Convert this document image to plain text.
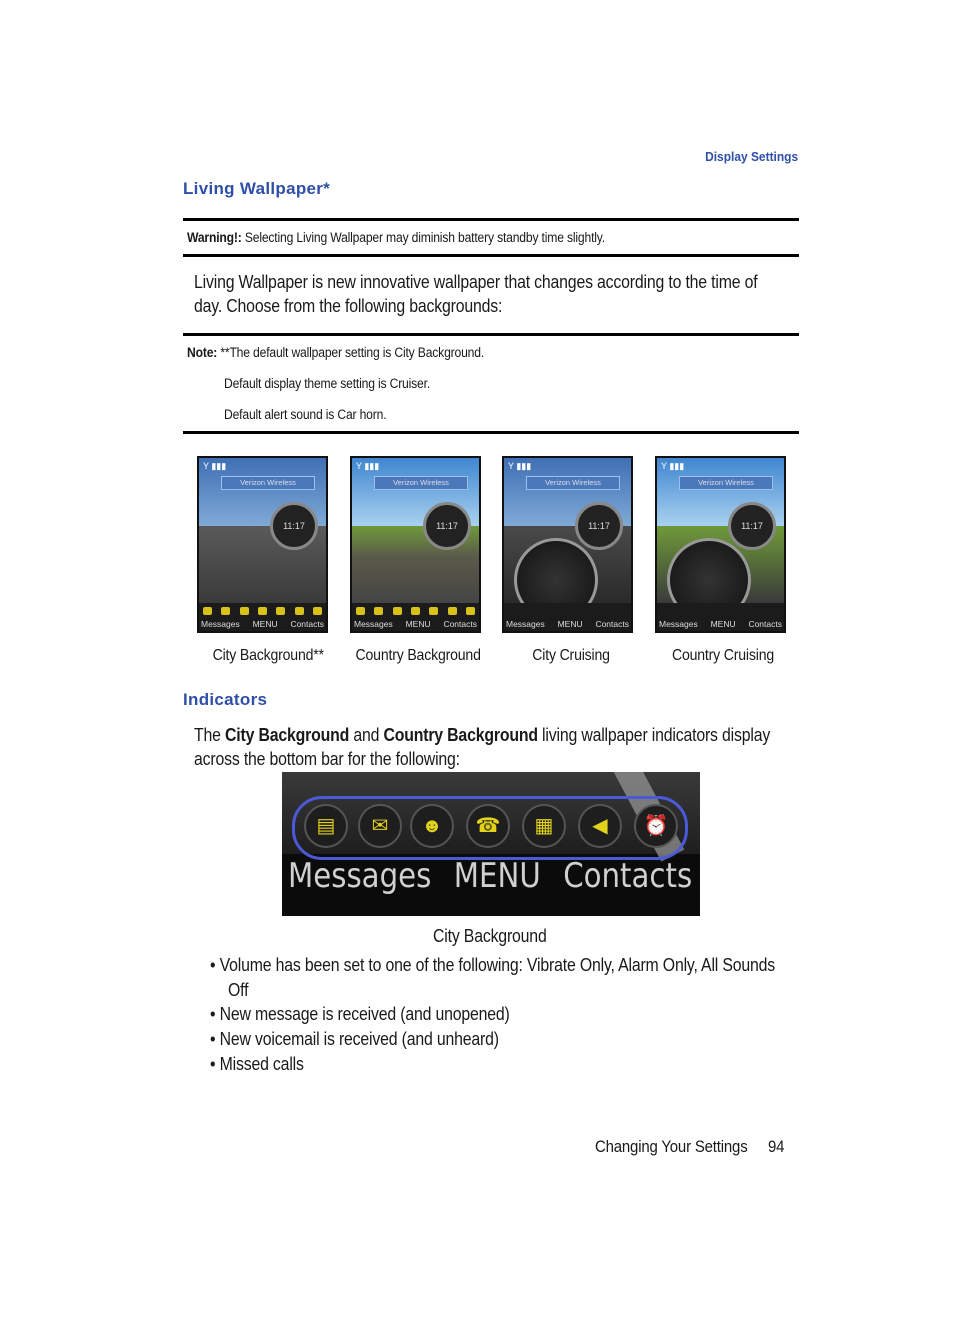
Display Settings
Living Wallpaper*
Warning!: Selecting Living Wallpaper may diminish battery standby time slightly.
Living Wallpaper is new innovative wallpaper that changes according to the time of
day. Choose from the following backgrounds:
Note: **The default wallpaper setting is City Background.
Default display theme setting is Cruiser.
Default alert sound is Car horn.
Y ▮▮▮
Verizon Wireless
11:17
Messages MENU Contacts
Y ▮▮▮
Verizon Wireless
11:17
Messages MENU Contacts
Y ▮▮▮
Verizon Wireless
11:17
Messages MENU Contacts
Y ▮▮▮
Verizon Wireless
11:17
Messages MENU Contacts
City Background** Country Background	City Cruising	Country Cruising
Indicators
The City Background and Country Background living wallpaper indicators display
across the bottom bar for the following:
▤	✉	☻	☎	▦	◀	⏰
Messages MENU Contacts
City Background
• Volume has been set to one of the following: Vibrate Only, Alarm Only, All Sounds
Off
• New message is received (and unopened)
• New voicemail is received (and unheard)
• Missed calls
Changing Your Settings 94
